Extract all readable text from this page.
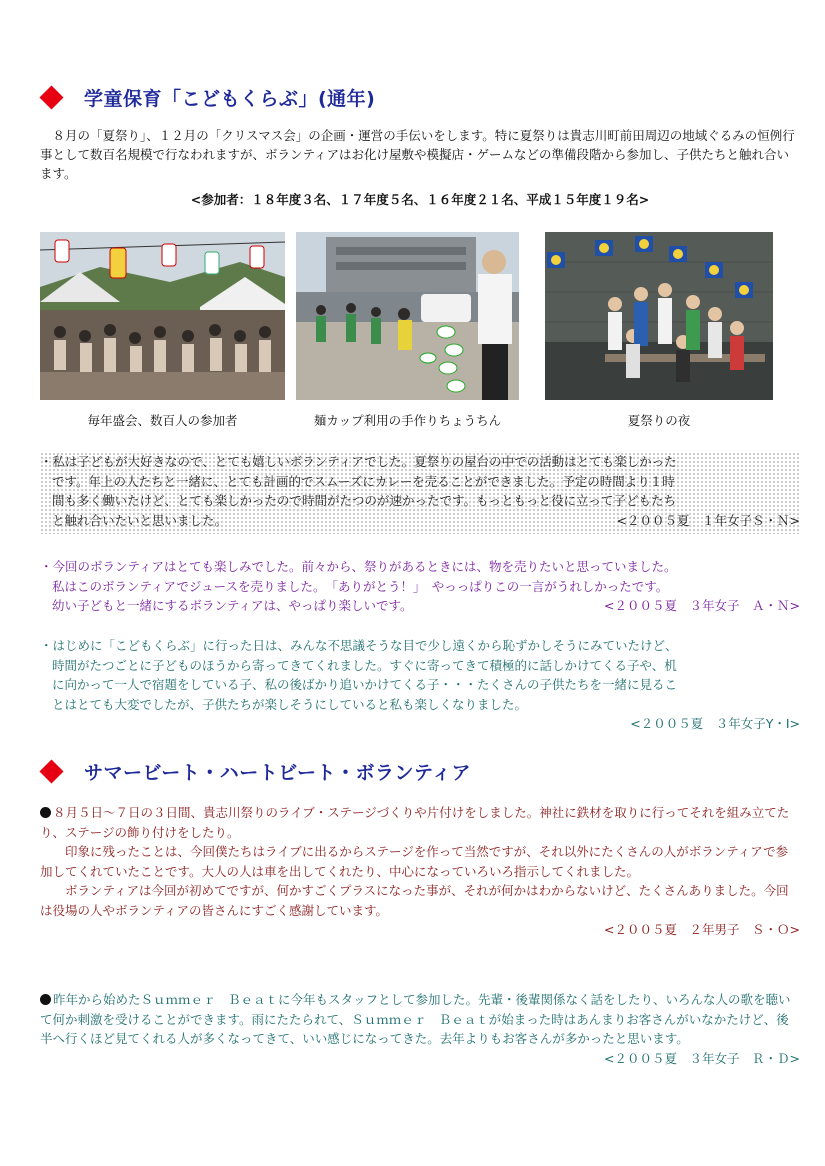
学童保育「こどもくらぶ」(通年)

８月の「夏祭り」、１２月の「クリスマス会」の企画・運営の手伝いをします。特に夏祭りは貴志川町前田周辺の地域ぐるみの恒例行事として数百名規模で行なわれますが、ボランティアはお化け屋敷や模擬店・ゲームなどの準備段階から参加し、子供たちと触れ合います。

<参加者：１８年度３名、１７年度５名、１６年度２１名、平成１５年度１９名>
毎年盛会、数百人の参加者	麺カップ利用の手作りちょうちん	夏祭りの夜

・私は子どもが大好きなので、とても嬉しいボランティアでした。夏祭りの屋台の中での活動はとても楽しかった

です。年上の人たちと一緒に、とても計画的でスムーズにカレーを売ることができました。予定の時間より１時

間も多く働いたけど、とても楽しかったので時間がたつのが速かったです。もっともっと役に立って子どもたち

と触れ合いたいと思いました。	<２００５夏　１年女子Ｓ・Ｎ>

・今回のボランティアはとても楽しみでした。前々から、祭りがあるときには、物を売りたいと思っていました。

私はこのボランティアでジュースを売りました。　「ありがとう！」　やっっぱりこの一言がうれしかったです。

幼い子どもと一緒にするボランティアは、やっぱり楽しいです。	<２００５夏　３年女子　Ａ・Ｎ>

・はじめに「こどもくらぶ」に行った日は、みんな不思議そうな目で少し遠くから恥ずかしそうにみていたけど、

時間がたつごとに子どものほうから寄ってきてくれました。すぐに寄ってきて積極的に話しかけてくる子や、机

に向かって一人で宿題をしている子、私の後ばかり追いかけてくる子・・・たくさんの子供たちを一緒に見るこ

とはとても大変でしたが、子供たちが楽しそうにしていると私も楽しくなりました。

<２００５夏　３年女子Y・I>
サマービート・ハートビート・ボランティア

８月５日～７日の３日間、貴志川祭りのライブ・ステージづくりや片付けをしました。神社に鉄材を取りに行ってそれを組み立てたり、ステージの飾り付けをしたり。

印象に残ったことは、今回僕たちはライブに出るからステージを作って当然ですが、それ以外にたくさんの人がボランティアで参加してくれていたことです。大人の人は車を出してくれたり、中心になっていろいろ指示してくれました。

ボランティアは今回が初めてですが、何かすごくプラスになった事が、それが何かはわからないけど、たくさんありました。今回は役場の人やボランティアの皆さんにすごく感謝しています。

<２００５夏　２年男子　Ｓ・Ｏ>

昨年から始めたＳｕｍｍｅｒ　Ｂｅａｔに今年もスタッフとして参加した。先輩・後輩関係なく話をしたり、いろんな人の歌を聴いて何か刺激を受けることができます。雨にたたられて、Ｓｕｍｍｅｒ　Ｂｅａｔが始まった時はあんまりお客さんがいなかたけど、後半へ行くほど見てくれる人が多くなってきて、いい感じになってきた。去年よりもお客さんが多かったと思います。

<２００５夏　３年女子　Ｒ・Ｄ>
